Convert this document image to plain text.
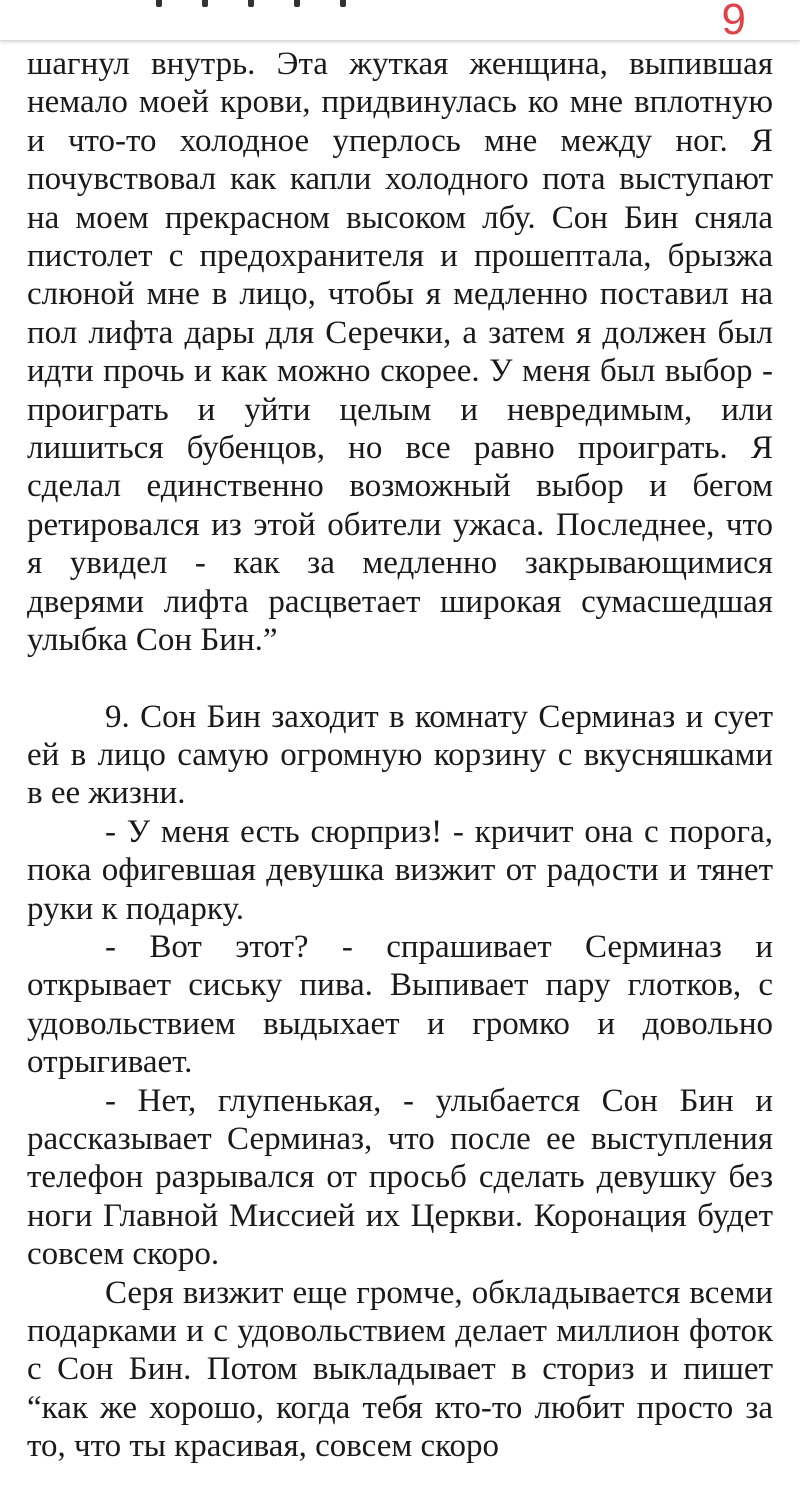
9

шагнул внутрь. Эта жуткая женщина, выпившая немало моей крови, придвинулась ко мне вплотную и что-то холодное уперлось мне между ног. Я почувствовал как капли холодного пота выступают на моем прекрасном высоком лбу. Сон Бин сняла пистолет с предохранителя и прошептала, брызжа слюной мне в лицо, чтобы я медленно поставил на пол лифта дары для Серечки, а затем я должен был идти прочь и как можно скорее. У меня был выбор - проиграть и уйти целым и невредимым, или лишиться бубенцов, но все равно проиграть. Я сделал единственно возможный выбор и бегом ретировался из этой обители ужаса. Последнее, что я увидел - как за медленно закрывающимися дверями лифта расцветает широкая сумасшедшая улыбка Сон Бин.”

9. Сон Бин заходит в комнату Серминаз и сует ей в лицо самую огромную корзину с вкусняшками в ее жизни.

- У меня есть сюрприз! - кричит она с порога, пока офигевшая девушка визжит от радости и тянет руки к подарку.

- Вот этот? - спрашивает Серминаз и открывает сиську пива. Выпивает пару глотков, с удовольствием выдыхает и громко и довольно отрыгивает.

- Нет, глупенькая, - улыбается Сон Бин и рассказывает Серминаз, что после ее выступления телефон разрывался от просьб сделать девушку без ноги Главной Миссией их Церкви. Коронация будет совсем скоро.

Серя визжит еще громче, обкладывается всеми подарками и с удовольствием делает миллион фоток с Сон Бин. Потом выкладывает в сториз и пишет “как же хорошо, когда тебя кто-то любит просто за то, что ты красивая, совсем скоро
